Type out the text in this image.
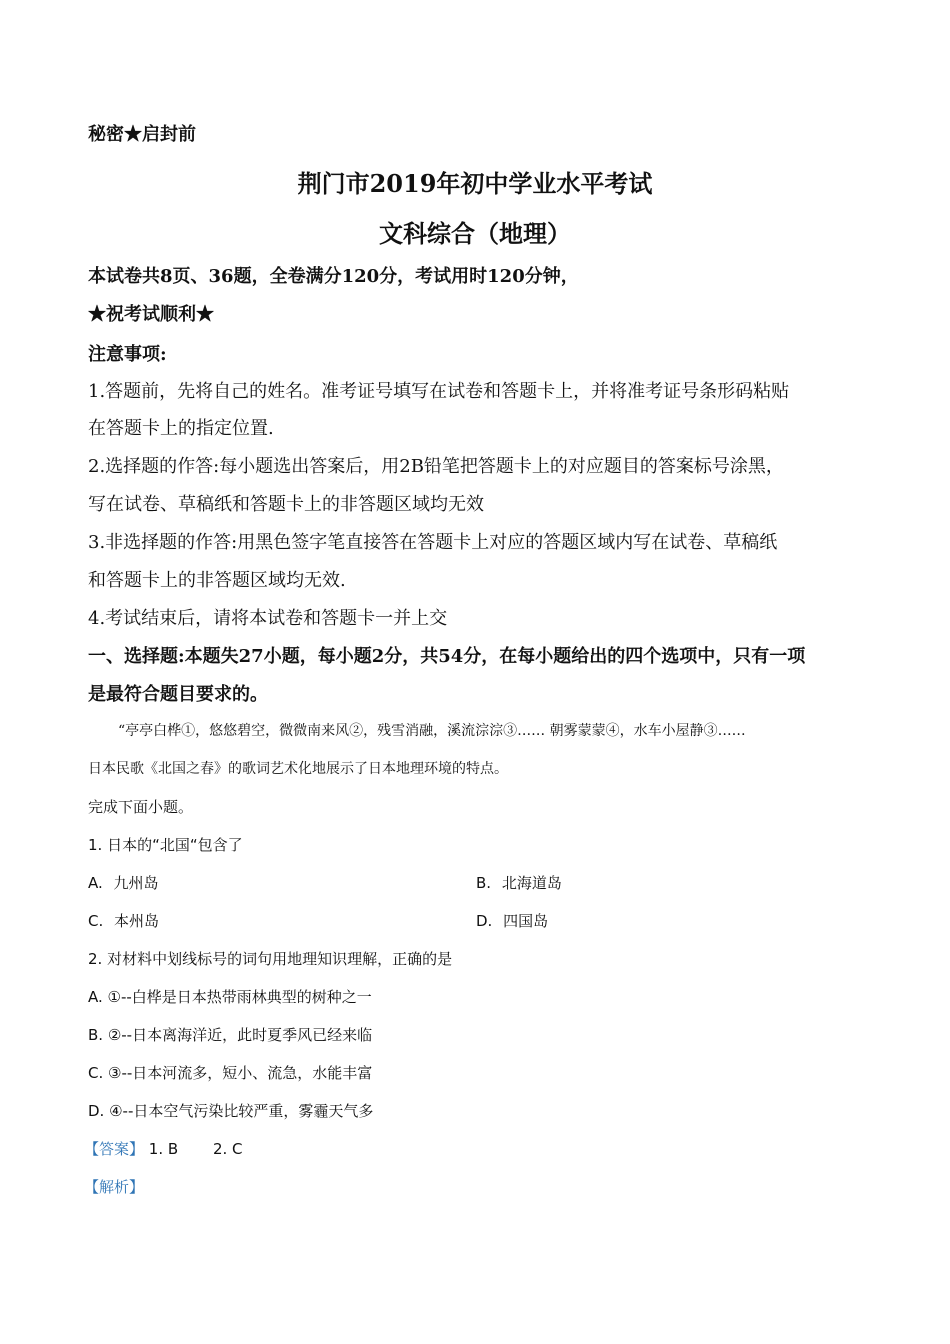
秘密★启封前
荆门市2019年初中学业水平考试
文科综合（地理）
本试卷共8页、36题，全卷满分120分，考试用时120分钟，
★祝考试顺利★
注意事项:
1.答题前，先将自己的姓名。准考证号填写在试卷和答题卡上，并将准考证号条形码粘贴
在答题卡上的指定位置.
2.选择题的作答:每小题选出答案后，用2B铅笔把答题卡上的对应题目的答案标号涂黑，
写在试卷、草稿纸和答题卡上的非答题区域均无效
3.非选择题的作答:用黑色签字笔直接答在答题卡上对应的答题区域内写在试卷、草稿纸
和答题卡上的非答题区域均无效.
4.考试结束后，请将本试卷和答题卡一并上交
一、选择题:本题失27小题，每小题2分，共54分，在每小题给出的四个选项中，只有一项
是最符合题目要求的。
“亭亭白桦①，悠悠碧空，微微南来风②，残雪消融，溪流淙淙③…… 朝雾蒙蒙④，水车小屋静③……
日本民歌《北国之春》的歌词艺术化地展示了日本地理环境的特点。
完成下面小题。
1. 日本的“北国“包含了
A. 九州岛	B. 北海道岛
C. 本州岛	D. 四国岛
2. 对材料中划线标号的词句用地理知识理解，正确的是
A. ①--白桦是日本热带雨林典型的树种之一
B. ②--日本离海洋近，此时夏季风已经来临
C. ③--日本河流多，短小、流急，水能丰富
D. ④--日本空气污染比较严重，雾霾天气多
【答案】 1. B 2. C
【解析】
